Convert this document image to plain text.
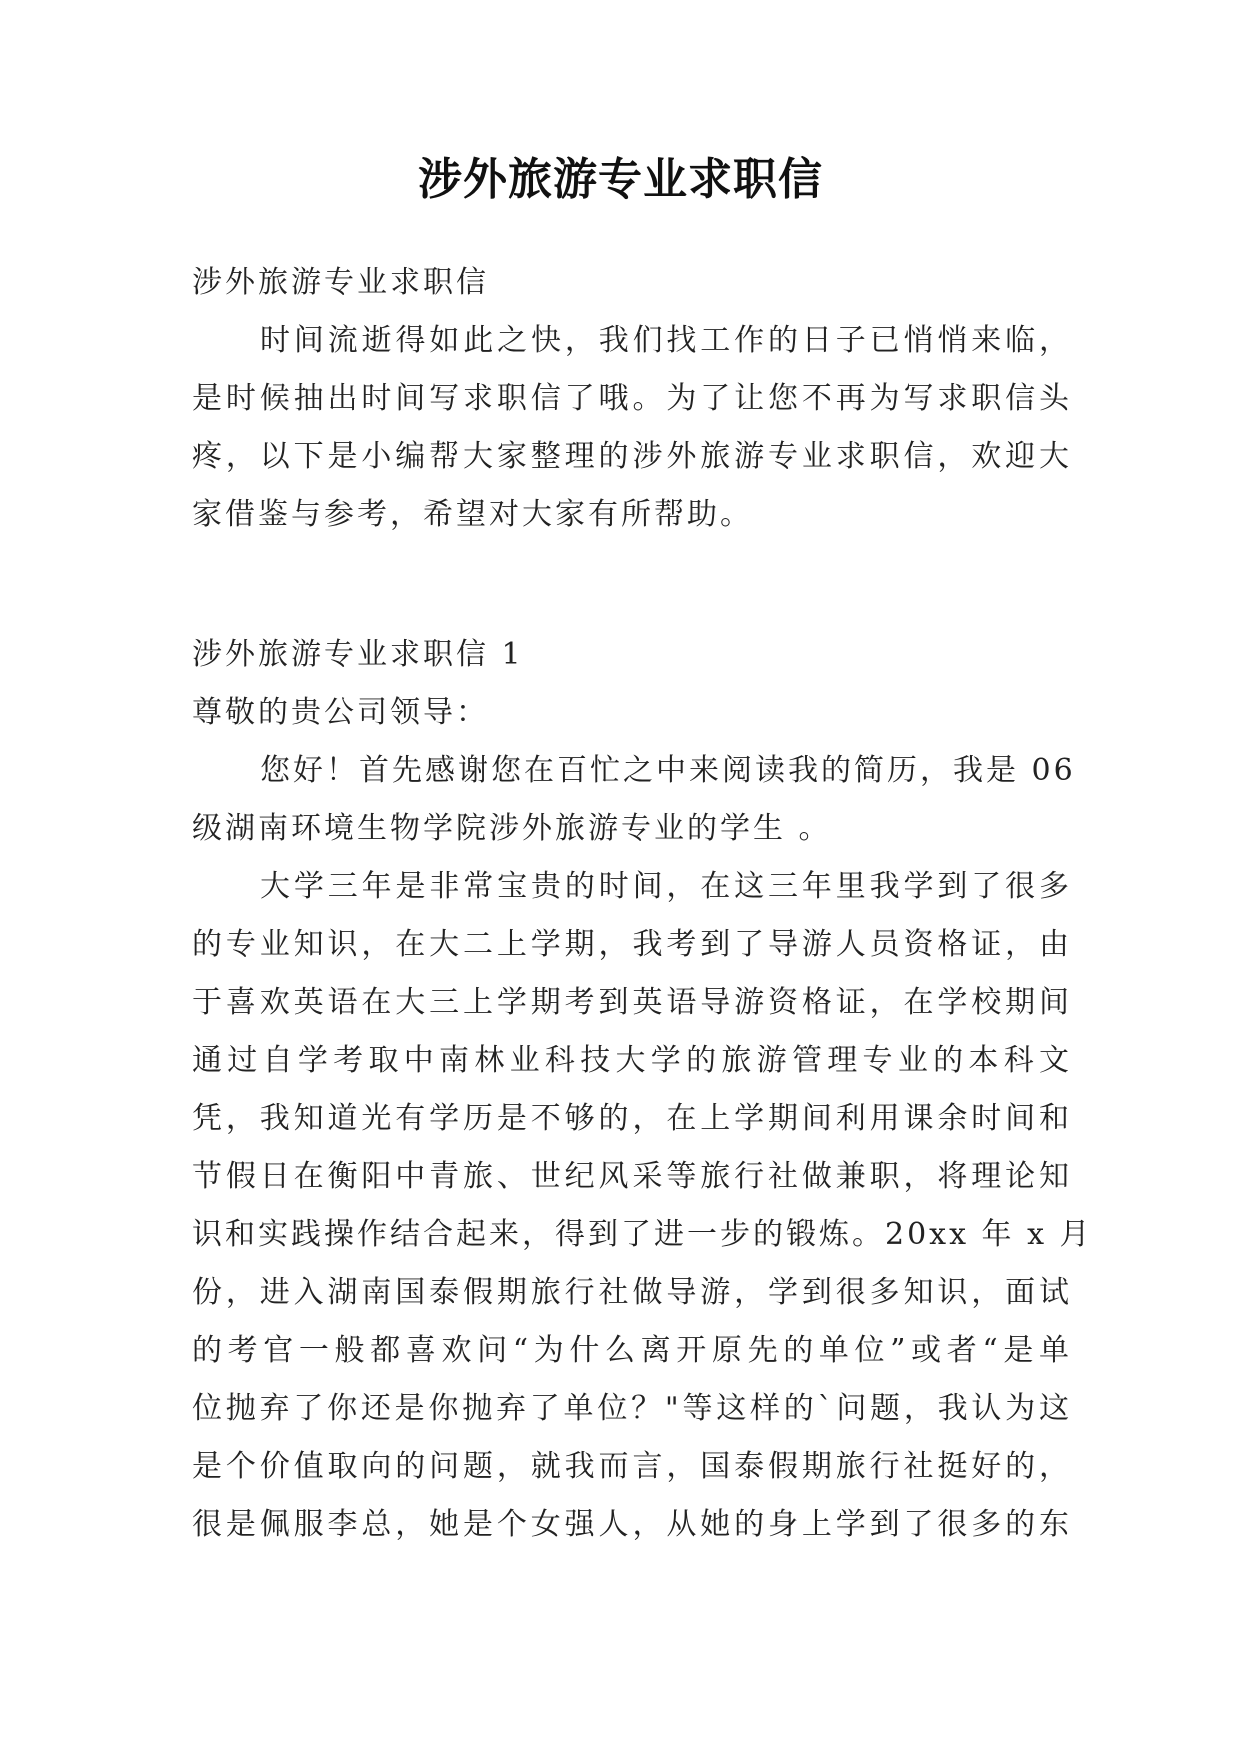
涉外旅游专业求职信
涉外旅游专业求职信
时间流逝得如此之快，我们找工作的日子已悄悄来临，
是时候抽出时间写求职信了哦。为了让您不再为写求职信头
疼，以下是小编帮大家整理的涉外旅游专业求职信，欢迎大
家借鉴与参考，希望对大家有所帮助。
涉外旅游专业求职信 1
尊敬的贵公司领导：
您好！首先感谢您在百忙之中来阅读我的简历，我是 06
级湖南环境生物学院涉外旅游专业的学生 。
大学三年是非常宝贵的时间，在这三年里我学到了很多
的专业知识，在大二上学期，我考到了导游人员资格证，由
于喜欢英语在大三上学期考到英语导游资格证，在学校期间
通过自学考取中南林业科技大学的旅游管理专业的本科文
凭，我知道光有学历是不够的，在上学期间利用课余时间和
节假日在衡阳中青旅、世纪风采等旅行社做兼职，将理论知
识和实践操作结合起来，得到了进一步的锻炼。20xx 年 x 月
份，进入湖南国泰假期旅行社做导游，学到很多知识，面试
的考官一般都喜欢问“为什么离开原先的单位”或者“是单
位抛弃了你还是你抛弃了单位？"等这样的`问题，我认为这
是个价值取向的问题，就我而言，国泰假期旅行社挺好的，
很是佩服李总，她是个女强人，从她的身上学到了很多的东
